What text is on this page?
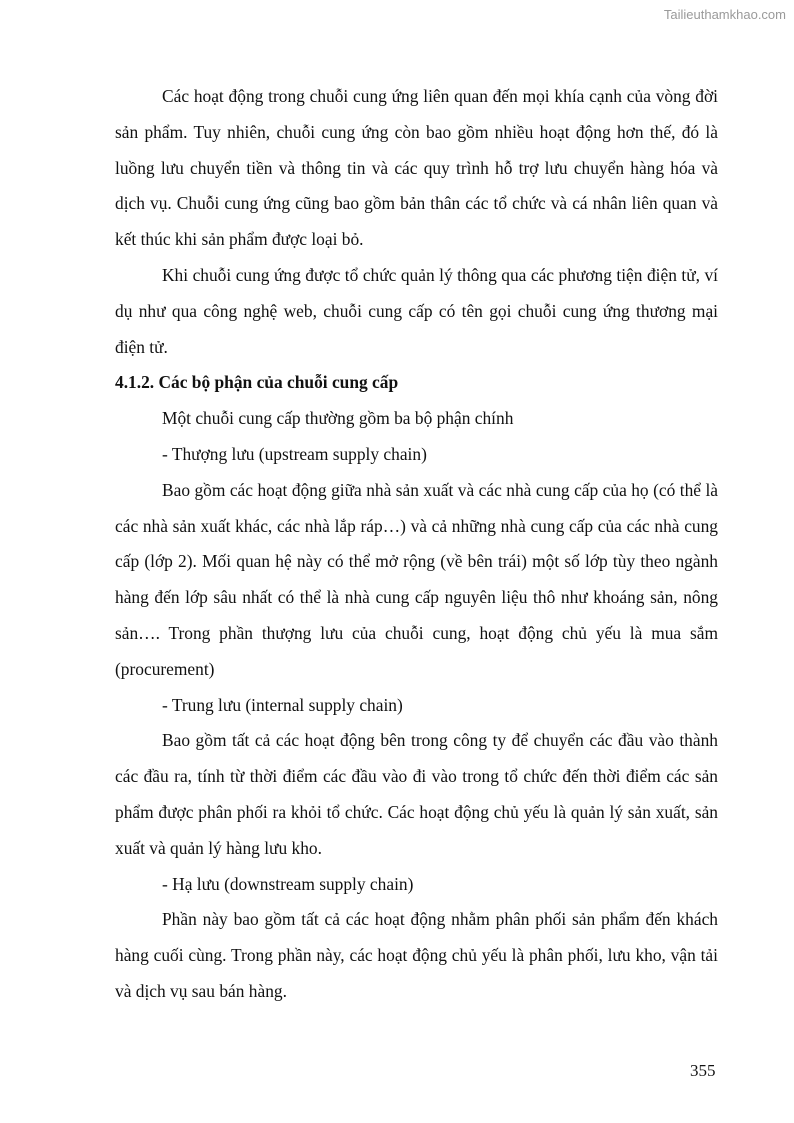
Tailieuthamkhao.com

Các hoạt động trong chuỗi cung ứng liên quan đến mọi khía cạnh của vòng đời sản phẩm. Tuy nhiên, chuỗi cung ứng còn bao gồm nhiều hoạt động hơn thế, đó là luồng lưu chuyển tiền và thông tin và các quy trình hỗ trợ lưu chuyển hàng hóa và dịch vụ. Chuỗi cung ứng cũng bao gồm bản thân các tổ chức và cá nhân liên quan và kết thúc khi sản phẩm được loại bỏ.

Khi chuỗi cung ứng được tổ chức quản lý thông qua các phương tiện điện tử, ví dụ như qua công nghệ web, chuỗi cung cấp có tên gọi chuỗi cung ứng thương mại điện tử.

4.1.2. Các bộ phận của chuỗi cung cấp

Một chuỗi cung cấp thường gồm ba bộ phận chính

- Thượng lưu (upstream supply chain)

Bao gồm các hoạt động giữa nhà sản xuất và các nhà cung cấp của họ (có thể là các nhà sản xuất khác, các nhà lắp ráp…) và cả những nhà cung cấp của các nhà cung cấp (lớp 2). Mối quan hệ này có thể mở rộng (về bên trái) một số lớp tùy theo ngành hàng đến lớp sâu nhất có thể là nhà cung cấp nguyên liệu thô như khoáng sản, nông sản…. Trong phần thượng lưu của chuỗi cung, hoạt động chủ yếu là mua sắm (procurement)

- Trung lưu (internal supply chain)

Bao gồm tất cả các hoạt động bên trong công ty để chuyển các đầu vào thành các đầu ra, tính từ thời điểm các đầu vào đi vào trong tổ chức đến thời điểm các sản phẩm được phân phối ra khỏi tổ chức. Các hoạt động chủ yếu là quản lý sản xuất, sản xuất và quản lý hàng lưu kho.

- Hạ lưu (downstream supply chain)

Phần này bao gồm tất cả các hoạt động nhằm phân phối sản phẩm đến khách hàng cuối cùng. Trong phần này, các hoạt động chủ yếu là phân phối, lưu kho, vận tải và dịch vụ sau bán hàng.

355
